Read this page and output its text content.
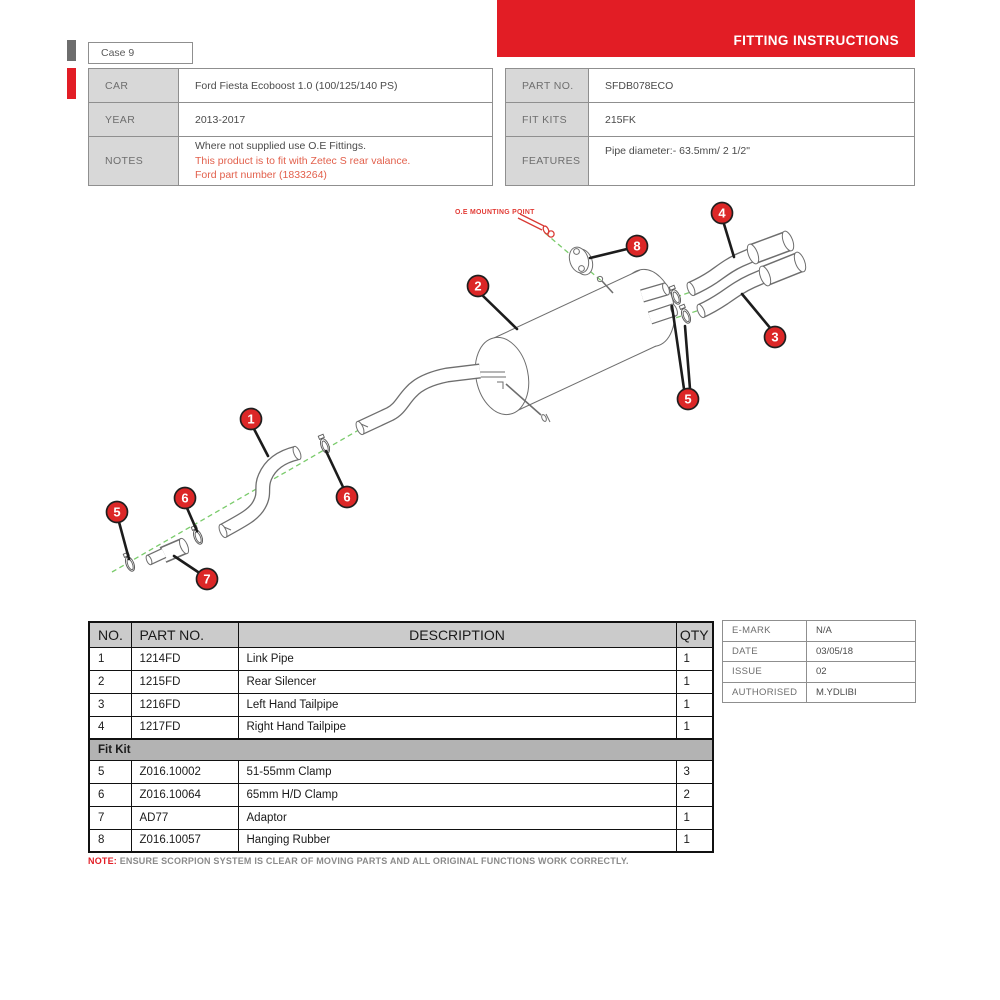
FITTING INSTRUCTIONS
Case 9
CAR	Ford Fiesta Ecoboost 1.0 (100/125/140 PS)
YEAR	2013-2017
NOTES	Where not supplied use O.E Fittings.
This product is to fit with Zetec S rear valance.
Ford part number (1833264)
PART NO.	SFDB078ECO
FIT KITS	215FK
FEATURES	Pipe diameter:- 63.5mm/ 2 1/2"
1
2
3
4
5
5
6	6
7
8
O.E MOUNTING POINT
NO.	PART NO.	DESCRIPTION	QTY
1	1214FD	Link Pipe	1
2	1215FD	Rear Silencer	1
3	1216FD	Left Hand Tailpipe	1
4	1217FD	Right Hand Tailpipe	1
Fit Kit			
5	Z016.10002	51-55mm Clamp	3
6	Z016.10064	65mm H/D Clamp	2
7	AD77	Adaptor	1
8	Z016.10057	Hanging Rubber	1
E-MARK	N/A
DATE	03/05/18
ISSUE	02
AUTHORISED	M.YDLIBI
NOTE: ENSURE SCORPION SYSTEM IS CLEAR OF MOVING PARTS AND ALL ORIGINAL FUNCTIONS WORK CORRECTLY.
